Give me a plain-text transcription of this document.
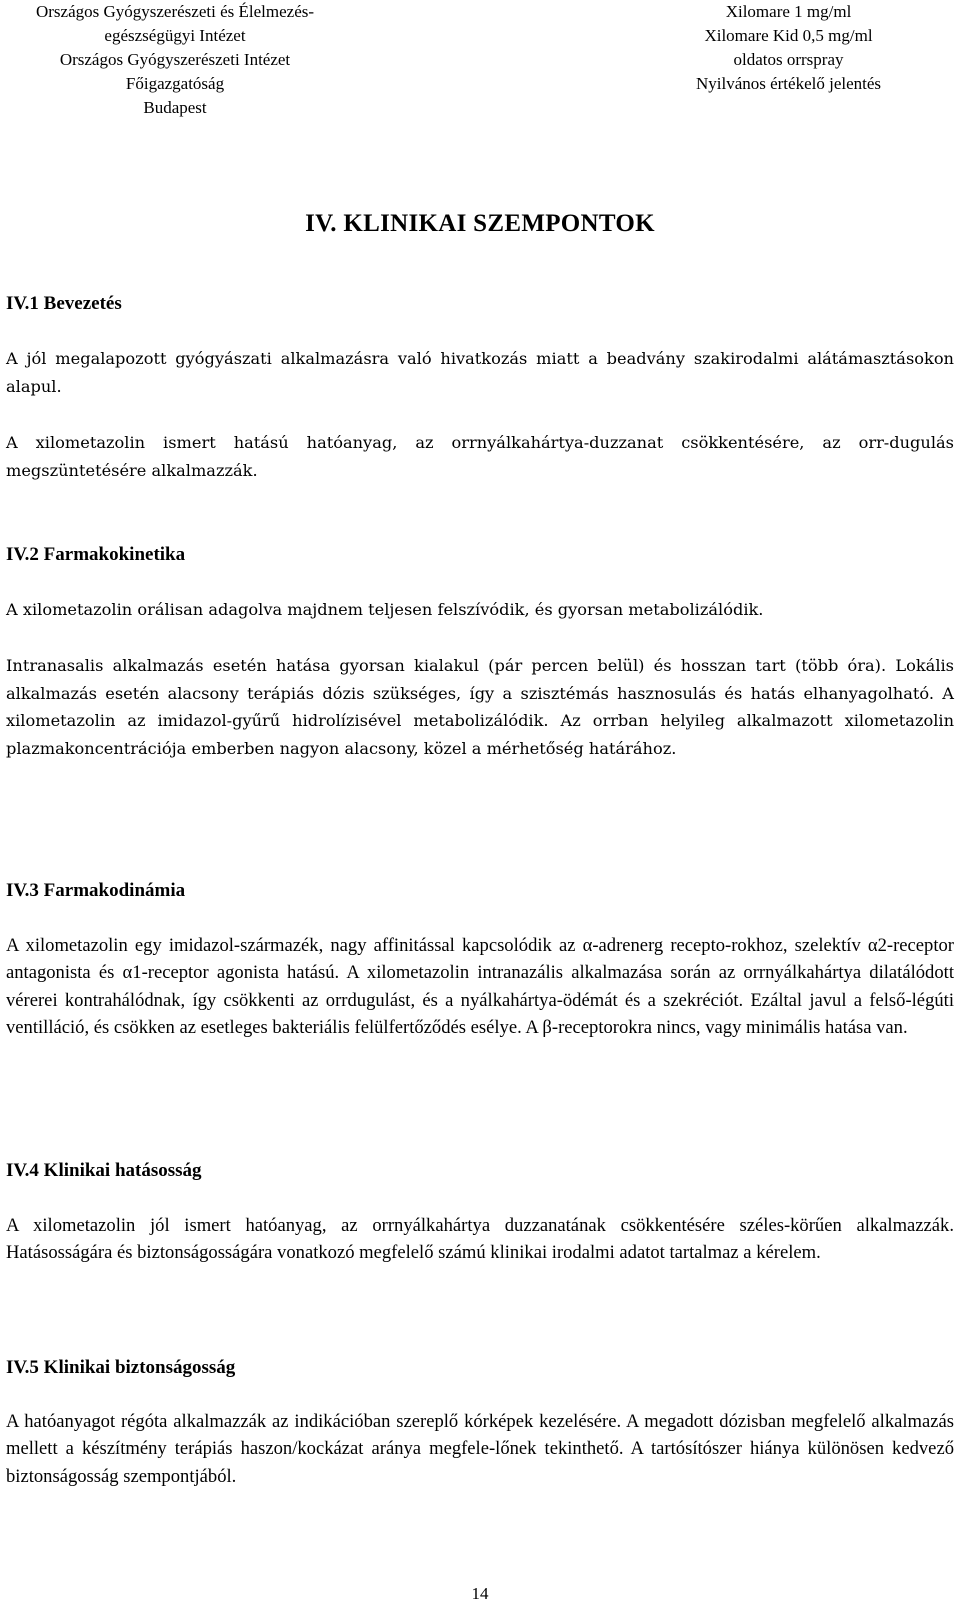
Országos Gyógyszerészeti és Élelmezés-
egészségügyi Intézet
Országos Gyógyszerészeti Intézet
Főigazgatóság
Budapest
Xilomare 1 mg/ml
Xilomare Kid 0,5 mg/ml
oldatos orrspray
Nyilvános értékelő jelentés
IV. KLINIKAI SZEMPONTOK
IV.1 Bevezetés

A jól megalapozott gyógyászati alkalmazásra való hivatkozás miatt a beadvány szakirodalmi alátámasztásokon alapul.

A xilometazolin ismert hatású hatóanyag, az orrnyálkahártya-duzzanat csökkentésére, az orr-dugulás megszüntetésére alkalmazzák.

IV.2 Farmakokinetika

A xilometazolin orálisan adagolva majdnem teljesen felszívódik, és gyorsan metabolizálódik.

Intranasalis alkalmazás esetén hatása gyorsan kialakul (pár percen belül) és hosszan tart (több óra). Lokális alkalmazás esetén alacsony terápiás dózis szükséges, így a szisztémás hasznosulás és hatás elhanyagolható. A xilometazolin az imidazol-gyűrű hidrolízisével metabolizálódik. Az orrban helyileg alkalmazott xilometazolin plazmakoncentrációja emberben nagyon alacsony, közel a mérhetőség határához.

IV.3 Farmakodinámia

A xilometazolin egy imidazol-származék, nagy affinitással kapcsolódik az α-adrenerg recepto-rokhoz, szelektív α2-receptor antagonista és α1-receptor agonista hatású. A xilometazolin intranazális alkalmazása során az orrnyálkahártya dilatálódott vérerei kontrahálódnak, így csökkenti az orrdugulást, és a nyálkahártya-ödémát és a szekréciót. Ezáltal javul a felső-légúti ventilláció, és csökken az esetleges bakteriális felülfertőződés esélye. A β-receptorokra nincs, vagy minimális hatása van.

IV.4 Klinikai hatásosság

A xilometazolin jól ismert hatóanyag, az orrnyálkahártya duzzanatának csökkentésére széles-körűen alkalmazzák. Hatásosságára és biztonságosságára vonatkozó megfelelő számú klinikai irodalmi adatot tartalmaz a kérelem.

IV.5 Klinikai biztonságosság

A hatóanyagot régóta alkalmazzák az indikációban szereplő kórképek kezelésére. A megadott dózisban megfelelő alkalmazás mellett a készítmény terápiás haszon/kockázat aránya megfele-lőnek tekinthető. A tartósítószer hiánya különösen kedvező biztonságosság szempontjából.

14
